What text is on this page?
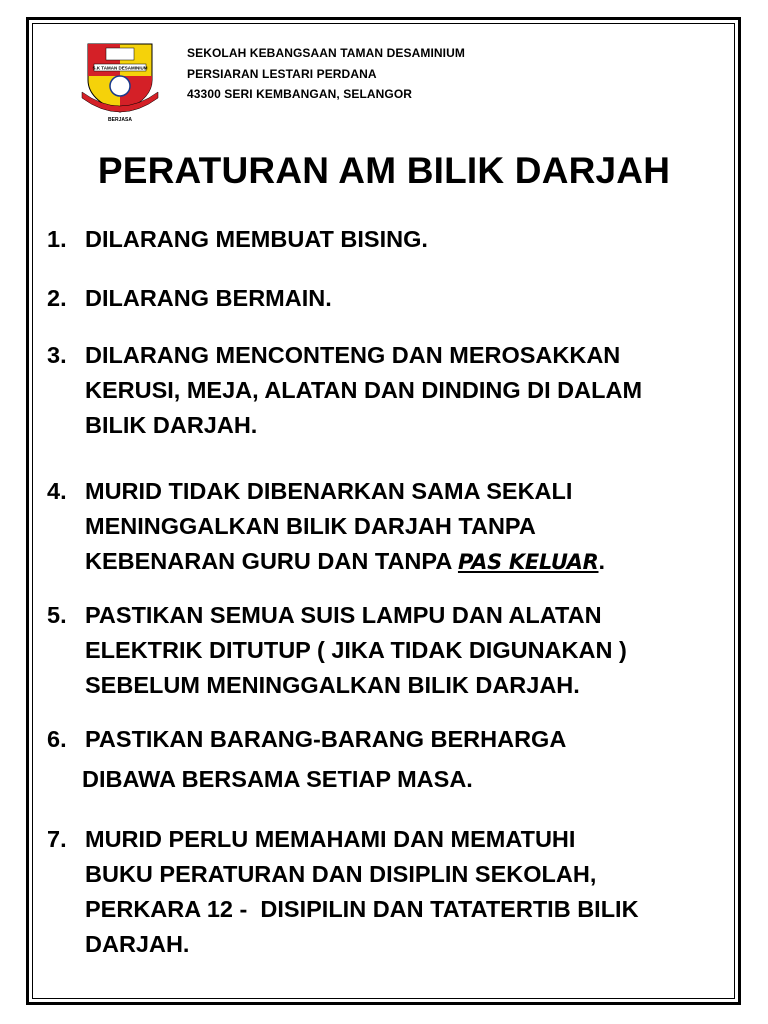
S.K TAMAN DESAMINIUM
BERJASA
SEKOLAH KEBANGSAAN TAMAN DESAMINIUM
PERSIARAN LESTARI PERDANA
43300 SERI KEMBANGAN, SELANGOR
PERATURAN AM BILIK DARJAH
1. DILARANG MEMBUAT BISING.
2. DILARANG BERMAIN.
3. DILARANG MENCONTENG DAN MEROSAKKAN
KERUSI, MEJA, ALATAN DAN DINDING DI DALAM
BILIK DARJAH.
4. MURID TIDAK DIBENARKAN SAMA SEKALI
MENINGGALKAN BILIK DARJAH TANPA
KEBENARAN GURU DAN TANPA PAS KELUAR.
5. PASTIKAN SEMUA SUIS LAMPU DAN ALATAN
ELEKTRIK DITUTUP ( JIKA TIDAK DIGUNAKAN )
SEBELUM MENINGGALKAN BILIK DARJAH.
6. PASTIKAN BARANG-BARANG BERHARGA
DIBAWA BERSAMA SETIAP MASA.
7. MURID PERLU MEMAHAMI DAN MEMATUHI
BUKU PERATURAN DAN DISIPLIN SEKOLAH,
PERKARA 12 -  DISIPILIN DAN TATATERTIB BILIK
DARJAH.
